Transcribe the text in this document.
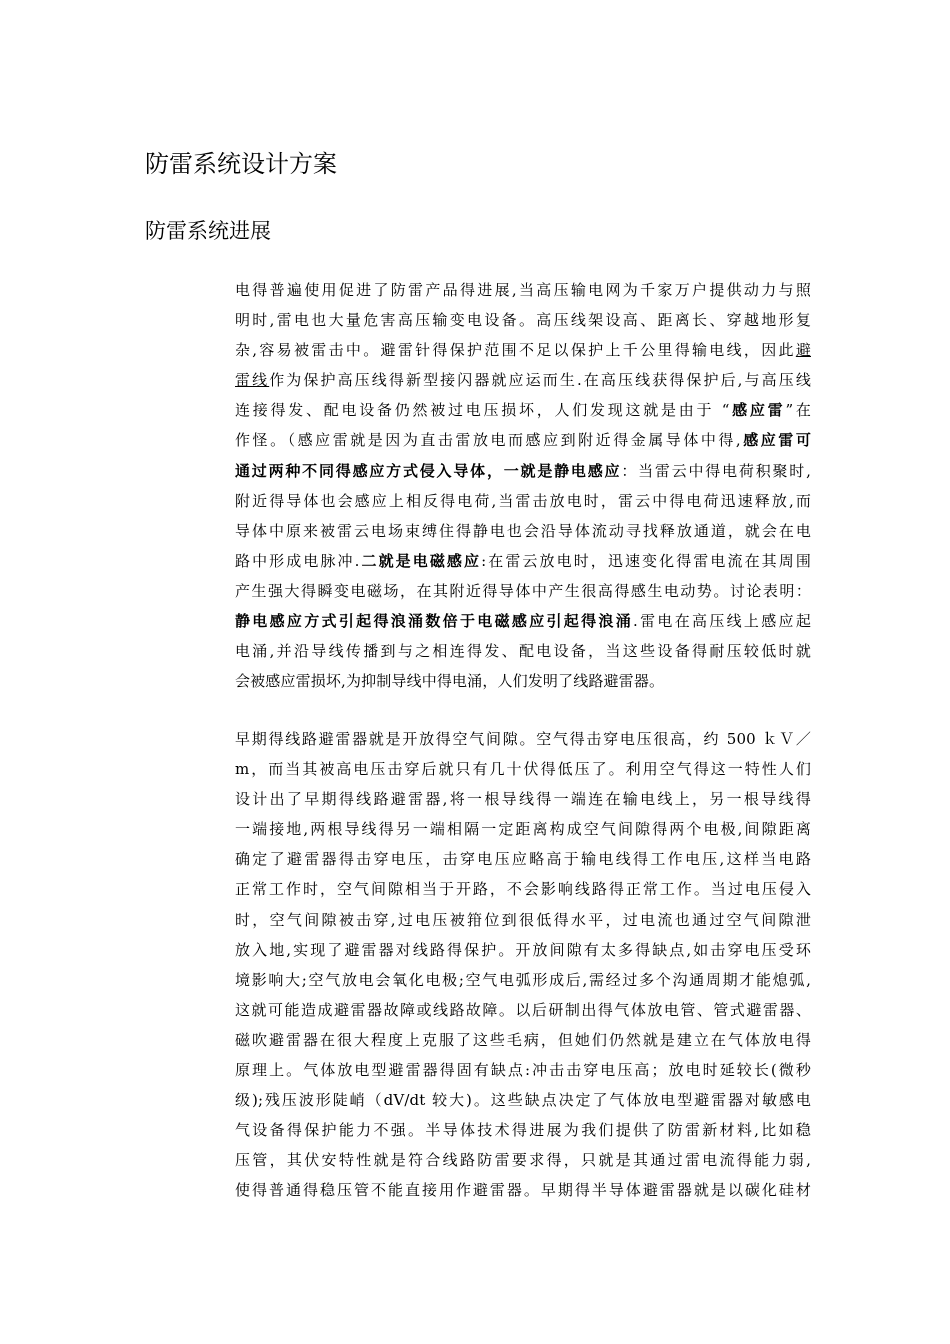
防雷系统设计方案
防雷系统进展
电得普遍使用促进了防雷产品得进展,当高压输电网为千家万户提供动力与照
明时,雷电也大量危害高压输变电设备。高压线架设高、距离长、穿越地形复
杂,容易被雷击中。避雷针得保护范围不足以保护上千公里得输电线，因此避
雷线作为保护高压线得新型接闪器就应运而生.在高压线获得保护后,与高压线
连接得发、配电设备仍然被过电压损坏，人们发现这就是由于 “感应雷”在
作怪。（感应雷就是因为直击雷放电而感应到附近得金属导体中得,感应雷可
通过两种不同得感应方式侵入导体，一就是静电感应：当雷云中得电荷积聚时,
附近得导体也会感应上相反得电荷,当雷击放电时，雷云中得电荷迅速释放,而
导体中原来被雷云电场束缚住得静电也会沿导体流动寻找释放通道，就会在电
路中形成电脉冲.二就是电磁感应:在雷云放电时，迅速变化得雷电流在其周围
产生强大得瞬变电磁场，在其附近得导体中产生很高得感生电动势。讨论表明：
静电感应方式引起得浪涌数倍于电磁感应引起得浪涌.雷电在高压线上感应起
电涌,并沿导线传播到与之相连得发、配电设备，当这些设备得耐压较低时就
会被感应雷损坏,为抑制导线中得电涌，人们发明了线路避雷器。
早期得线路避雷器就是开放得空气间隙。空气得击穿电压很高，约 500 ｋＶ／
m，而当其被高电压击穿后就只有几十伏得低压了。利用空气得这一特性人们
设计出了早期得线路避雷器,将一根导线得一端连在输电线上，另一根导线得
一端接地,两根导线得另一端相隔一定距离构成空气间隙得两个电极,间隙距离
确定了避雷器得击穿电压，击穿电压应略高于输电线得工作电压,这样当电路
正常工作时，空气间隙相当于开路，不会影响线路得正常工作。当过电压侵入
时，空气间隙被击穿,过电压被箝位到很低得水平，过电流也通过空气间隙泄
放入地,实现了避雷器对线路得保护。开放间隙有太多得缺点,如击穿电压受环
境影响大;空气放电会氧化电极;空气电弧形成后,需经过多个沟通周期才能熄弧,
这就可能造成避雷器故障或线路故障。以后研制出得气体放电管、管式避雷器、
磁吹避雷器在很大程度上克服了这些毛病，但她们仍然就是建立在气体放电得
原理上。气体放电型避雷器得固有缺点:冲击击穿电压高；放电时延较长(微秒
级);残压波形陡峭（dV/dt 较大)。这些缺点决定了气体放电型避雷器对敏感电
气设备得保护能力不强。半导体技术得进展为我们提供了防雷新材料,比如稳
压管，其伏安特性就是符合线路防雷要求得，只就是其通过雷电流得能力弱,
使得普通得稳压管不能直接用作避雷器。早期得半导体避雷器就是以碳化硅材
